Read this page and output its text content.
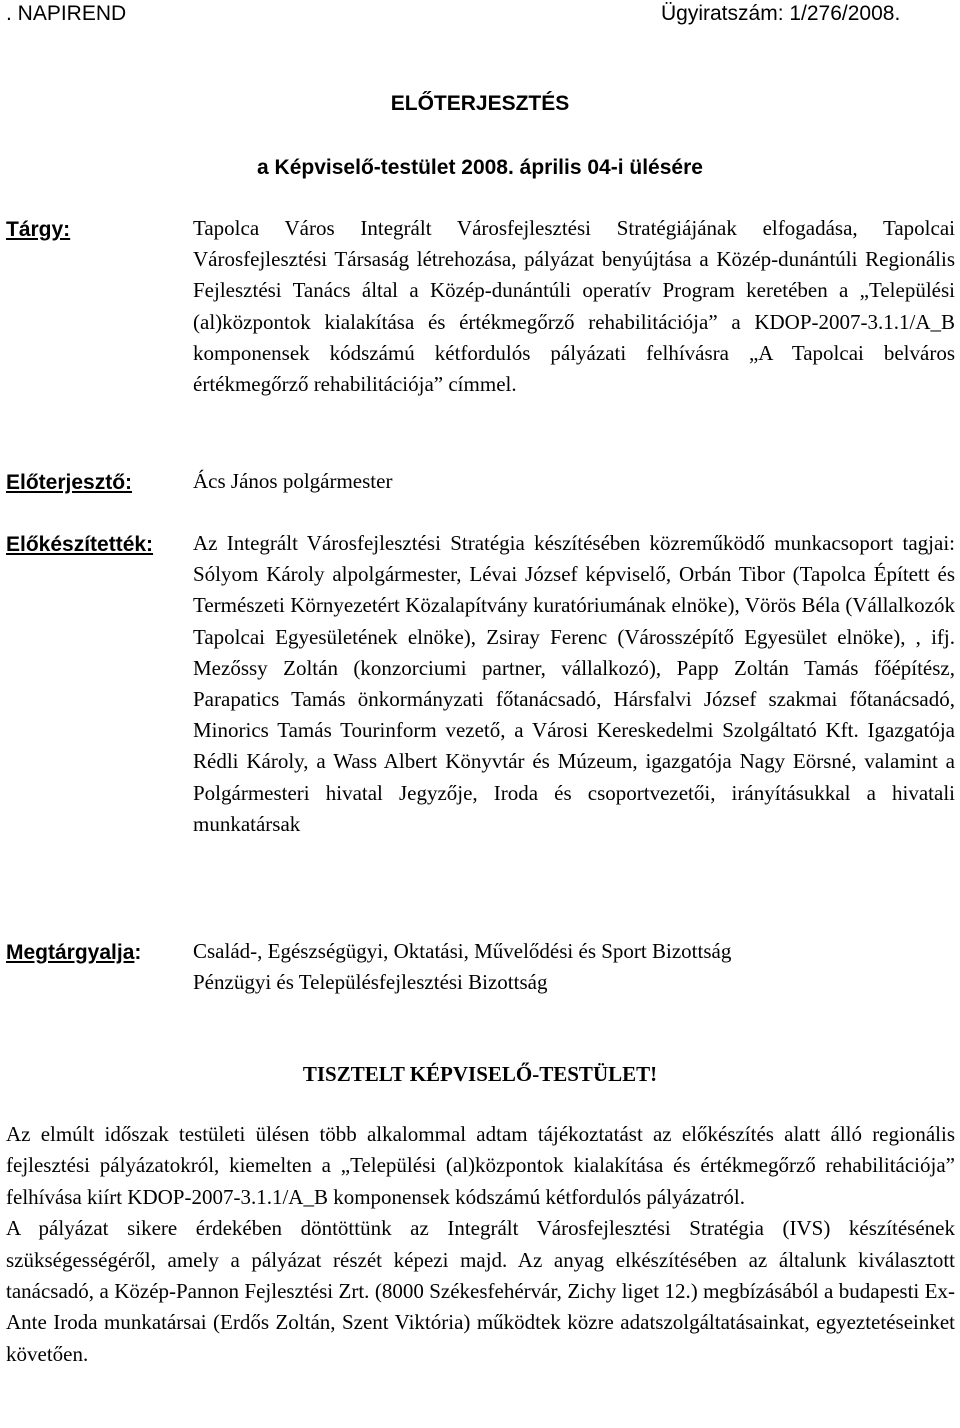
. NAPIREND	Ügyiratszám: 1/276/2008.
ELŐTERJESZTÉS
a Képviselő-testület 2008. április 04-i ülésére
Tárgy:	Tapolca Város Integrált Városfejlesztési Stratégiájának elfogadása, Tapolcai Városfejlesztési Társaság létrehozása, pályázat benyújtása a Közép-dunántúli Regionális Fejlesztési Tanács által a Közép-dunántúli operatív Program keretében a „Települési (al)központok kialakítása és értékmegőrző rehabilitációja” a KDOP-2007-3.1.1/A_B komponensek kódszámú kétfordulós pályázati felhívásra „A Tapolcai belváros értékmegőrző rehabilitációja” címmel.
Előterjesztő:	Ács János polgármester
Előkészítették: Az Integrált Városfejlesztési Stratégia készítésében közreműködő munkacsoport tagjai: Sólyom Károly alpolgármester, Lévai József képviselő, Orbán Tibor (Tapolca Épített és Természeti Környezetért Közalapítvány kuratóriumának elnöke), Vörös Béla (Vállalkozók Tapolcai Egyesületének elnöke), Zsiray Ferenc (Városszépítő Egyesület elnöke), , ifj. Mezőssy Zoltán (konzorciumi partner, vállalkozó), Papp Zoltán Tamás főépítész, Parapatics Tamás önkormányzati főtanácsadó, Hársfalvi József szakmai főtanácsadó, Minorics Tamás Tourinform vezető, a Városi Kereskedelmi Szolgáltató Kft. Igazgatója Rédli Károly, a Wass Albert Könyvtár és Múzeum, igazgatója Nagy Eörsné, valamint a Polgármesteri hivatal Jegyzője, Iroda és csoportvezetői, irányításukkal a hivatali munkatársak
Megtárgyalja: Család-, Egészségügyi, Oktatási, Művelődési és Sport Bizottság
Pénzügyi és Településfejlesztési Bizottság
TISZTELT KÉPVISELŐ-TESTÜLET!

Az elmúlt időszak testületi ülésen több alkalommal adtam tájékoztatást az előkészítés alatt álló regionális fejlesztési pályázatokról, kiemelten a „Települési (al)központok kialakítása és értékmegőrző rehabilitációja” felhívása kiírt KDOP-2007-3.1.1/A_B komponensek kódszámú kétfordulós pályázatról.

A pályázat sikere érdekében döntöttünk az Integrált Városfejlesztési Stratégia (IVS) készítésének szükségességéről, amely a pályázat részét képezi majd. Az anyag elkészítésében az általunk kiválasztott tanácsadó, a Közép-Pannon Fejlesztési Zrt. (8000 Székesfehérvár, Zichy liget 12.) megbízásából a budapesti Ex-Ante Iroda munkatársai (Erdős Zoltán, Szent Viktória) működtek közre adatszolgáltatásainkat, egyeztetéseinket követően.
